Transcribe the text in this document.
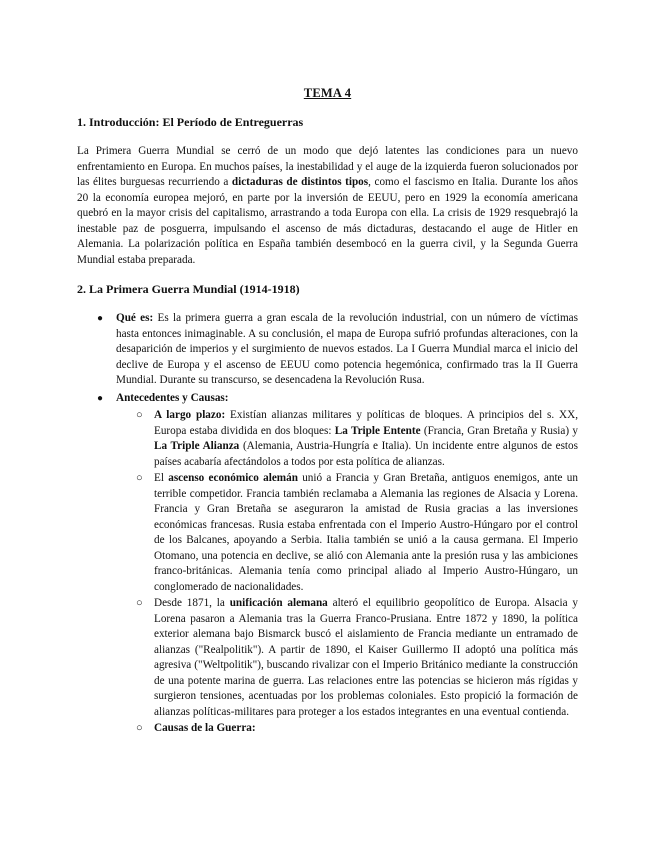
TEMA 4
1. Introducción: El Período de Entreguerras

La Primera Guerra Mundial se cerró de un modo que dejó latentes las condiciones para un nuevo enfrentamiento en Europa. En muchos países, la inestabilidad y el auge de la izquierda fueron solucionados por las élites burguesas recurriendo a dictaduras de distintos tipos, como el fascismo en Italia. Durante los años 20 la economía europea mejoró, en parte por la inversión de EEUU, pero en 1929 la economía americana quebró en la mayor crisis del capitalismo, arrastrando a toda Europa con ella. La crisis de 1929 resquebrajó la inestable paz de posguerra, impulsando el ascenso de más dictaduras, destacando el auge de Hitler en Alemania. La polarización política en España también desembocó en la guerra civil, y la Segunda Guerra Mundial estaba preparada.

2. La Primera Guerra Mundial (1914-1918)
● Qué es: Es la primera guerra a gran escala de la revolución industrial, con un número de víctimas hasta entonces inimaginable. A su conclusión, el mapa de Europa sufrió profundas alteraciones, con la desaparición de imperios y el surgimiento de nuevos estados. La I Guerra Mundial marca el inicio del declive de Europa y el ascenso de EEUU como potencia hegemónica, confirmado tras la II Guerra Mundial. Durante su transcurso, se desencadena la Revolución Rusa.
● Antecedentes y Causas:
○ A largo plazo: Existían alianzas militares y políticas de bloques. A principios del s. XX, Europa estaba dividida en dos bloques: La Triple Entente (Francia, Gran Bretaña y Rusia) y La Triple Alianza (Alemania, Austria-Hungría e Italia). Un incidente entre algunos de estos países acabaría afectándolos a todos por esta política de alianzas.
○ El ascenso económico alemán unió a Francia y Gran Bretaña, antiguos enemigos, ante un terrible competidor. Francia también reclamaba a Alemania las regiones de Alsacia y Lorena. Francia y Gran Bretaña se aseguraron la amistad de Rusia gracias a las inversiones económicas francesas. Rusia estaba enfrentada con el Imperio Austro-Húngaro por el control de los Balcanes, apoyando a Serbia. Italia también se unió a la causa germana. El Imperio Otomano, una potencia en declive, se alió con Alemania ante la presión rusa y las ambiciones franco-británicas. Alemania tenía como principal aliado al Imperio Austro-Húngaro, un conglomerado de nacionalidades.
○ Desde 1871, la unificación alemana alteró el equilibrio geopolítico de Europa. Alsacia y Lorena pasaron a Alemania tras la Guerra Franco-Prusiana. Entre 1872 y 1890, la política exterior alemana bajo Bismarck buscó el aislamiento de Francia mediante un entramado de alianzas ("Realpolitik"). A partir de 1890, el Kaiser Guillermo II adoptó una política más agresiva ("Weltpolitik"), buscando rivalizar con el Imperio Británico mediante la construcción de una potente marina de guerra. Las relaciones entre las potencias se hicieron más rígidas y surgieron tensiones, acentuadas por los problemas coloniales. Esto propició la formación de alianzas políticas-militares para proteger a los estados integrantes en una eventual contienda.
○ Causas de la Guerra:
